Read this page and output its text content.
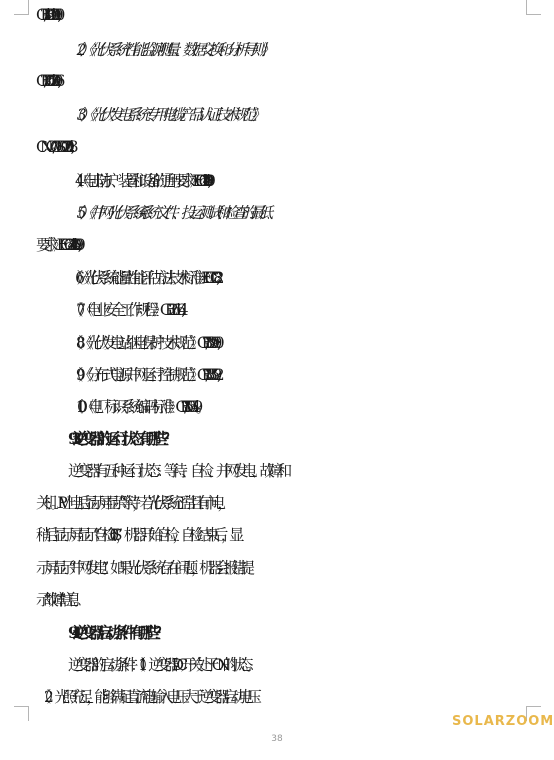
GB/T18210-2000;
（2）《光伏系统性能监测-测量、数据交换和分析导则》
GB/T20513-2006;
（3）《光伏发电系统专用电缆产品认证技术规范》
CNCA/CTS0023-2013;
（4）《电击防护、装置和设备的通用要求》IEC61140-2009;
（5）《并网光伏系统--系统文件、投运测试和检查的最低
要求》IEC62446-2009;
（6）《光伏系统能量性能评估方法技术标准》IECTC82;
（7）《电业安全工作规程》GB26164;
（8）《光伏发电站继电保护技术规范》GB/T32900;
（9）《分布式电源并网运行控制规范》GB/T33592;
（10）《电厂标识系统编码标准》GB/T50549。
93.逆变器的运行状态有哪些？
逆变器有五种运行状态：等待、自检、并网发电、故障和
关机。PV上电后显示屏显示“等待”，若光伏系统正常且有市电，
稍后显示屏显示“自检 30S”，机器开始自检，自检结束后，显
示屏显示“并网发电”。如果光伏系统存在问题，机器会报错提
示“故障”信息。
94.逆变器启动条件有哪些？
逆变器的启动条件：（1）逆变器DC开关处于ON的状态。
（2）光照充足，能够满足直流电输入电压大于逆变器启动电压
38
SOLARZOOM
